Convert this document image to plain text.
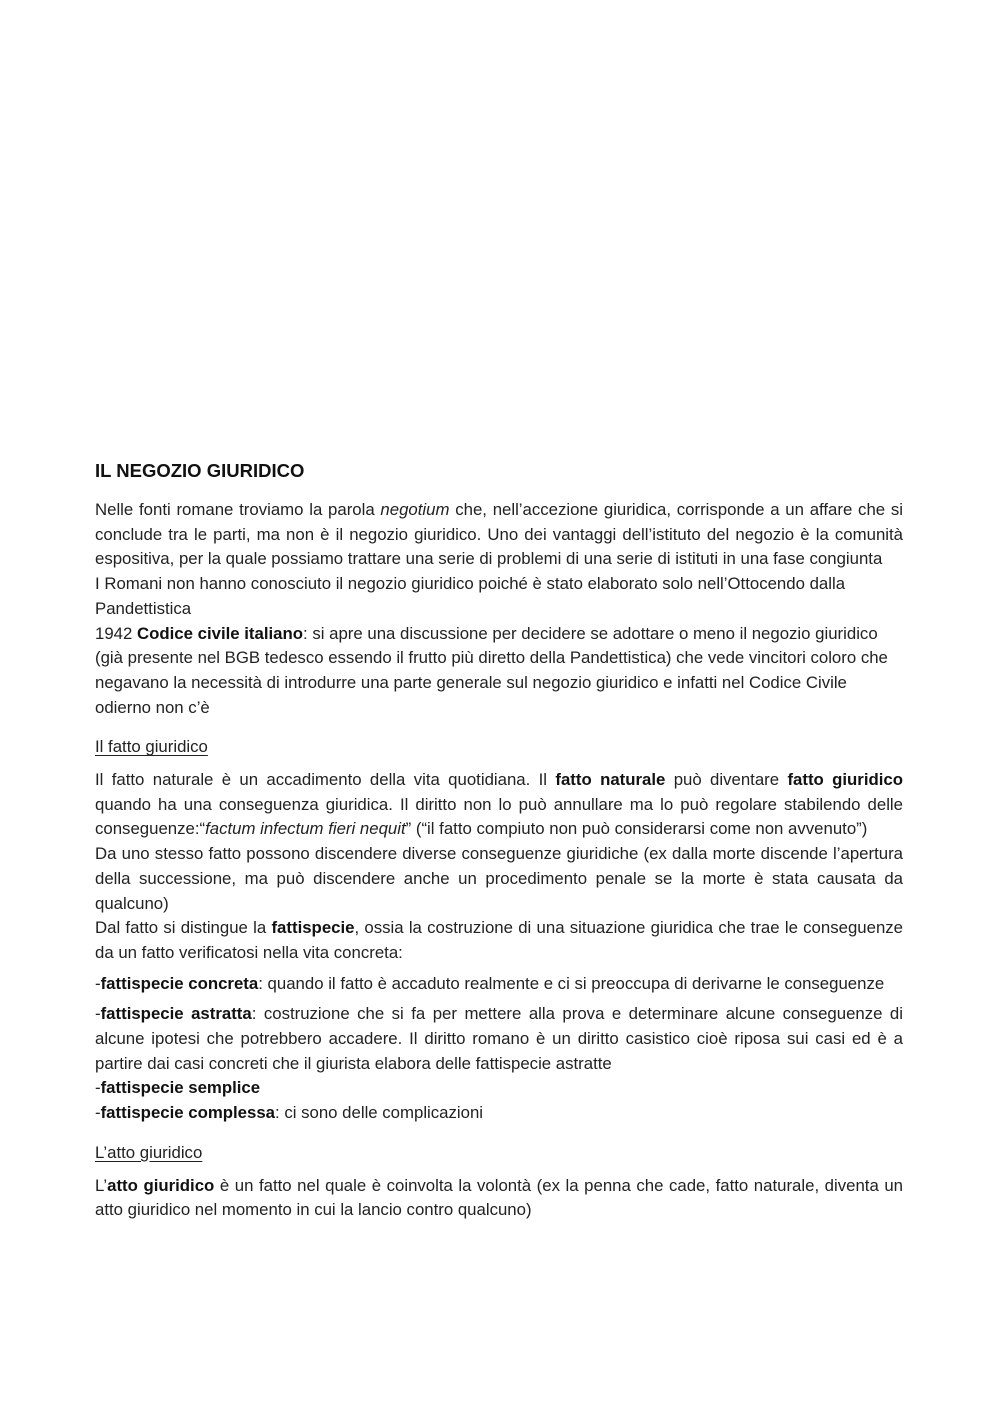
IL NEGOZIO GIURIDICO

Nelle fonti romane troviamo la parola negotium che, nell’accezione giuridica, corrisponde a un affare che si conclude tra le parti, ma non è il negozio giuridico. Uno dei vantaggi dell’istituto del negozio è la comunità espositiva, per la quale possiamo trattare una serie di problemi di una serie di istituti in una fase congiunta

I Romani non hanno conosciuto il negozio giuridico poiché è stato elaborato solo nell’Ottocendo dalla Pandettistica

1942 Codice civile italiano: si apre una discussione per decidere se adottare o meno il negozio giuridico (già presente nel BGB tedesco essendo il frutto più diretto della Pandettistica) che vede vincitori coloro che negavano la necessità di introdurre una parte generale sul negozio giuridico e infatti nel Codice Civile odierno non c’è

Il fatto giuridico

Il fatto naturale è un accadimento della vita quotidiana. Il fatto naturale può diventare fatto giuridico quando ha una conseguenza giuridica. Il diritto non lo può annullare ma lo può regolare stabilendo delle conseguenze:“factum infectum fieri nequit” (“il fatto compiuto non può considerarsi come non avvenuto”)

Da uno stesso fatto possono discendere diverse conseguenze giuridiche (ex dalla morte discende l’apertura della successione, ma può discendere anche un procedimento penale se la morte è stata causata da qualcuno)

Dal fatto si distingue la fattispecie, ossia la costruzione di una situazione giuridica che trae le conseguenze da un fatto verificatosi nella vita concreta:

-fattispecie concreta: quando il fatto è accaduto realmente e ci si preoccupa di derivarne le conseguenze

-fattispecie astratta: costruzione che si fa per mettere alla prova e determinare alcune conseguenze di alcune ipotesi che potrebbero accadere. Il diritto romano è un diritto casistico cioè riposa sui casi ed è a partire dai casi concreti che il giurista elabora delle fattispecie astratte

-fattispecie semplice

-fattispecie complessa: ci sono delle complicazioni

L’atto giuridico

L’atto giuridico è un fatto nel quale è coinvolta la volontà (ex la penna che cade, fatto naturale, diventa un atto giuridico nel momento in cui la lancio contro qualcuno)
